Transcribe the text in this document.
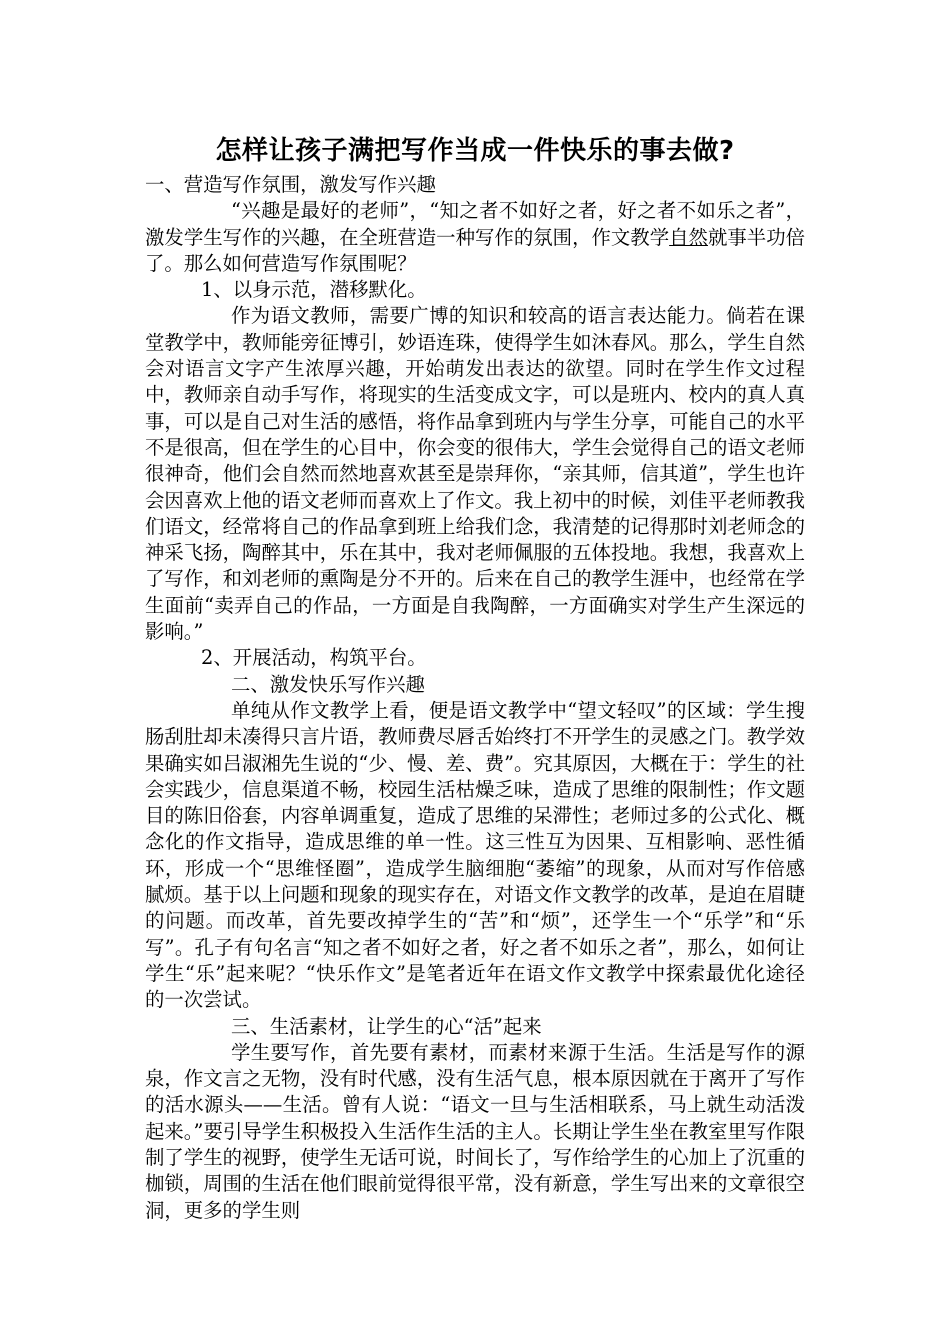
怎样让孩子满把写作当成一件快乐的事去做?

一、营造写作氛围，激发写作兴趣

“兴趣是最好的老师”，“知之者不如好之者，好之者不如乐之者”，激发学生写作的兴趣，在全班营造一种写作的氛围，作文教学自然就事半功倍了。那么如何营造写作氛围呢？

1、以身示范，潜移默化。

作为语文教师，需要广博的知识和较高的语言表达能力。倘若在课堂教学中，教师能旁征博引，妙语连珠，使得学生如沐春风。那么，学生自然会对语言文字产生浓厚兴趣，开始萌发出表达的欲望。同时在学生作文过程中，教师亲自动手写作，将现实的生活变成文字，可以是班内、校内的真人真事，可以是自己对生活的感悟，将作品拿到班内与学生分享，可能自己的水平不是很高，但在学生的心目中，你会变的很伟大，学生会觉得自己的语文老师很神奇，他们会自然而然地喜欢甚至是崇拜你，“亲其师，信其道”，学生也许会因喜欢上他的语文老师而喜欢上了作文。我上初中的时候，刘佳平老师教我们语文，经常将自己的作品拿到班上给我们念，我清楚的记得那时刘老师念的神采飞扬，陶醉其中，乐在其中，我对老师佩服的五体投地。我想，我喜欢上了写作，和刘老师的熏陶是分不开的。后来在自己的教学生涯中，也经常在学生面前“卖弄自己的作品，一方面是自我陶醉，一方面确实对学生产生深远的影响。”

2、开展活动，构筑平台。

二、激发快乐写作兴趣

单纯从作文教学上看，便是语文教学中“望文轻叹”的区域：学生搜肠刮肚却未凑得只言片语，教师费尽唇舌始终打不开学生的灵感之门。教学效果确实如吕淑湘先生说的“少、慢、差、费”。究其原因，大概在于：学生的社会实践少，信息渠道不畅，校园生活枯燥乏味，造成了思维的限制性；作文题目的陈旧俗套，内容单调重复，造成了思维的呆滞性；老师过多的公式化、概念化的作文指导，造成思维的单一性。这三性互为因果、互相影响、恶性循环，形成一个“思维怪圈”，造成学生脑细胞“萎缩”的现象，从而对写作倍感腻烦。基于以上问题和现象的现实存在，对语文作文教学的改革，是迫在眉睫的问题。而改革，首先要改掉学生的“苦”和“烦”，还学生一个“乐学”和“乐写”。孔子有句名言“知之者不如好之者，好之者不如乐之者”，那么，如何让学生“乐”起来呢？“快乐作文”是笔者近年在语文作文教学中探索最优化途径的一次尝试。

三、生活素材，让学生的心“活”起来

学生要写作，首先要有素材，而素材来源于生活。生活是写作的源泉，作文言之无物，没有时代感，没有生活气息，根本原因就在于离开了写作的活水源头——生活。曾有人说：“语文一旦与生活相联系，马上就生动活泼起来。”要引导学生积极投入生活作生活的主人。长期让学生坐在教室里写作限制了学生的视野，使学生无话可说，时间长了，写作给学生的心加上了沉重的枷锁，周围的生活在他们眼前觉得很平常，没有新意，学生写出来的文章很空洞，更多的学生则
